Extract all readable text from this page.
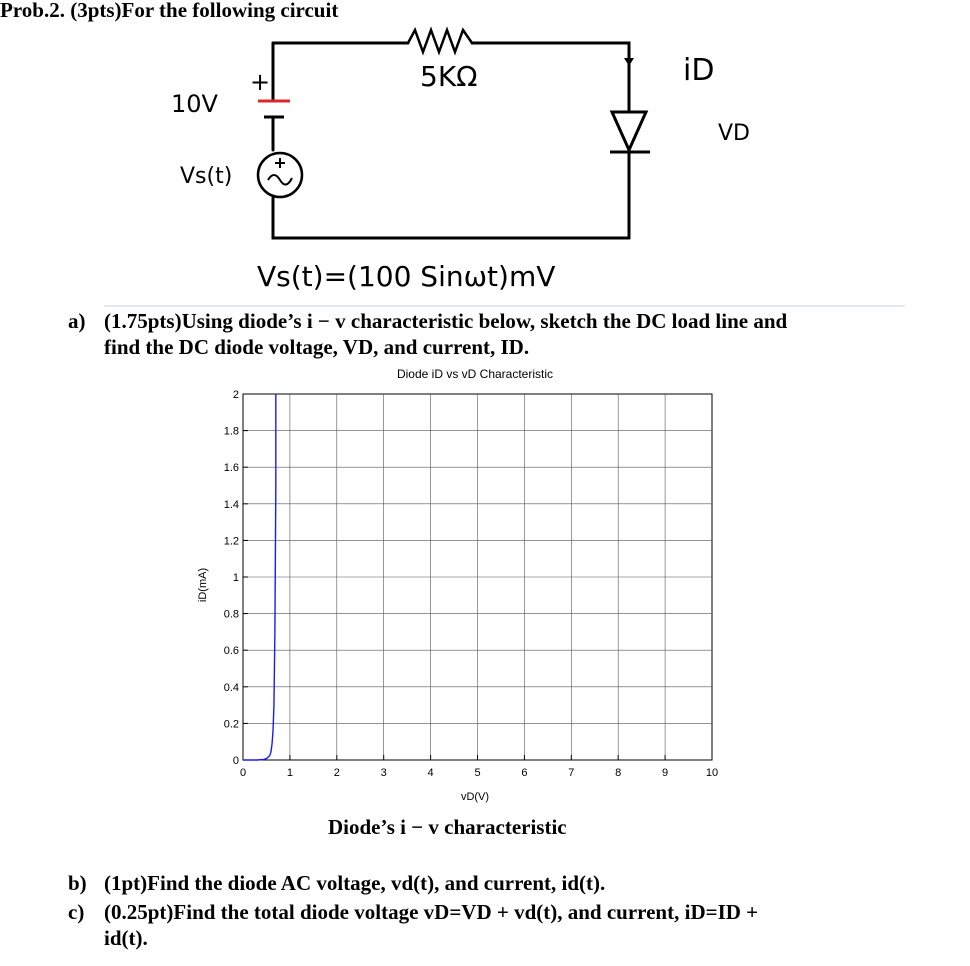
Prob.2. (3pts)For the following circuit
5KΩ
10V
+
Vs(t)
iD
VD
Vs(t)=(100 Sinωt)mV
a) (1.75pts)Using diode’s i − v characteristic below, sketch the DC load line and
find the DC diode voltage, VD, and current, ID.
0	1	2	3	4	5	6	7	8	9	10
0
0.2
0.4
0.6
0.8
1
1.2
1.4
1.6
1.8
2
Diode iD vs vD Characteristic
vD(V)
iD(mA)
Diode’s i − v characteristic
b) (1pt)Find the diode AC voltage, vd(t), and current, id(t).
c) (0.25pt)Find the total diode voltage vD=VD + vd(t), and current, iD=ID +
id(t).
